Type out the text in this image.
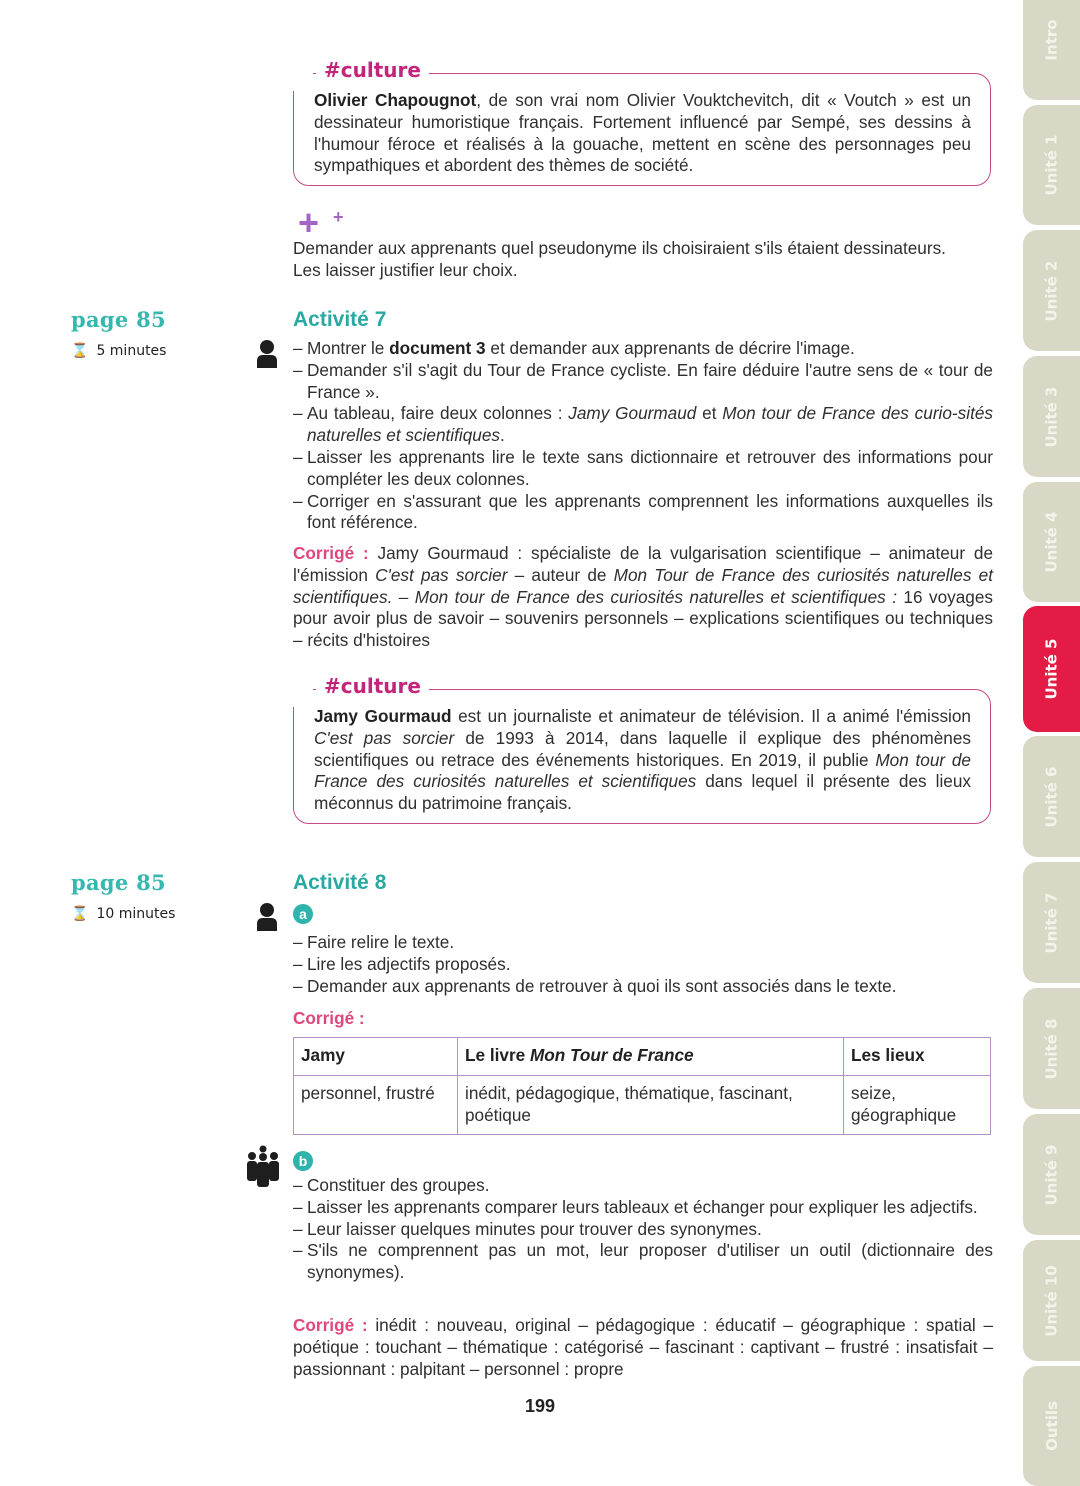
#culture
Olivier Chapougnot, de son vrai nom Olivier Vouktchevitch, dit « Voutch » est un dessinateur humoristique français. Fortement influencé par Sempé, ses dessins à l'humour féroce et réalisés à la gouache, mettent en scène des personnages peu sympathiques et abordent des thèmes de société.
+ +
Demander aux apprenants quel pseudonyme ils choisiraient s'ils étaient dessinateurs.
Les laisser justifier leur choix.
page 85
⌛ 5 minutes
Activité 7
– Montrer le document 3 et demander aux apprenants de décrire l'image.
– Demander s'il s'agit du Tour de France cycliste. En faire déduire l'autre sens de « tour de France ».
– Au tableau, faire deux colonnes : Jamy Gourmaud et Mon tour de France des curio-sités naturelles et scientifiques.
– Laisser les apprenants lire le texte sans dictionnaire et retrouver des informations pour compléter les deux colonnes.
– Corriger en s'assurant que les apprenants comprennent les informations auxquelles ils font référence.
Corrigé : Jamy Gourmaud : spécialiste de la vulgarisation scientifique – animateur de l'émission C'est pas sorcier – auteur de Mon Tour de France des curiosités naturelles et scientifiques. – Mon tour de France des curiosités naturelles et scientifiques : 16 voyages pour avoir plus de savoir – souvenirs personnels – explications scientifiques ou techniques – récits d'histoires
#culture
Jamy Gourmaud est un journaliste et animateur de télévision. Il a animé l'émission C'est pas sorcier de 1993 à 2014, dans laquelle il explique des phénomènes scientifiques ou retrace des événements historiques. En 2019, il publie Mon tour de France des curiosités naturelles et scientifiques dans lequel il présente des lieux méconnus du patrimoine français.
page 85
⌛ 10 minutes
Activité 8
a
– Faire relire le texte.
– Lire les adjectifs proposés.
– Demander aux apprenants de retrouver à quoi ils sont associés dans le texte.
Corrigé :
Jamy	Le livre Mon Tour de France	Les lieux
personnel, frustré	inédit, pédagogique, thématique, fascinant, poétique	seize, géographique
b
– Constituer des groupes.
– Laisser les apprenants comparer leurs tableaux et échanger pour expliquer les adjectifs.
– Leur laisser quelques minutes pour trouver des synonymes.
– S'ils ne comprennent pas un mot, leur proposer d'utiliser un outil (dictionnaire des synonymes).
Corrigé : inédit : nouveau, original – pédagogique : éducatif – géographique : spatial – poétique : touchant – thématique : catégorisé – fascinant : captivant – frustré : insatisfait – passionnant : palpitant – personnel : propre
199
Intro
Unité 1
Unité 2
Unité 3
Unité 4
Unité 5
Unité 6
Unité 7
Unité 8
Unité 9
Unité 10
Outils
